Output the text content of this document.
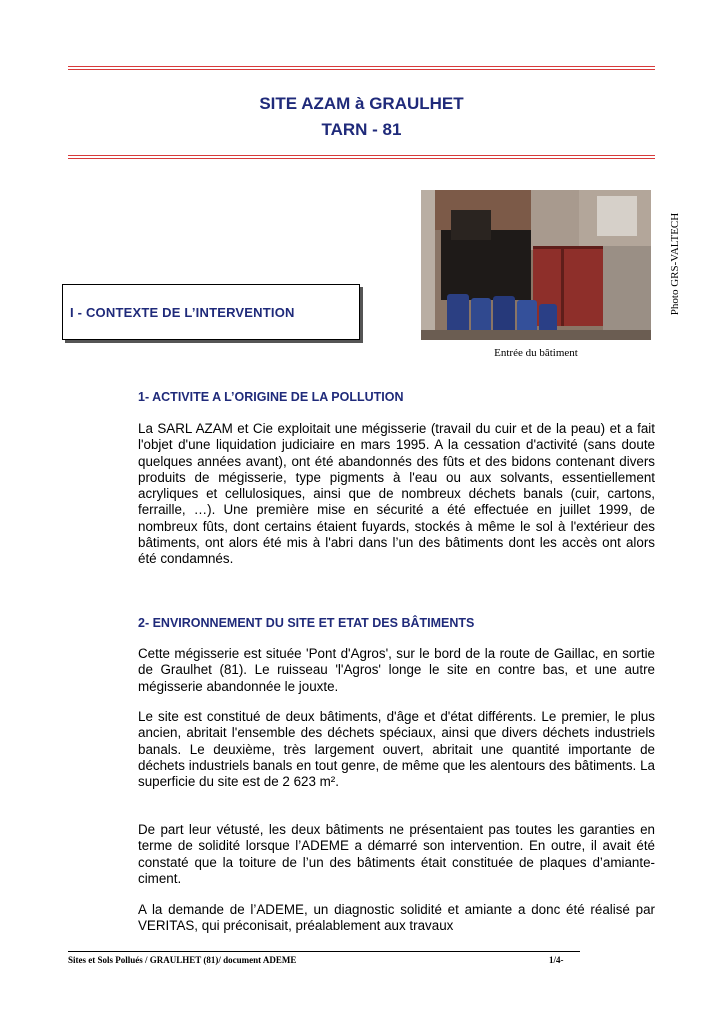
SITE AZAM à GRAULHET
TARN - 81
I - CONTEXTE DE L’INTERVENTION
Entrée du bâtiment
Photo GRS-VALTECH
1- ACTIVITE A L’ORIGINE DE LA POLLUTION

La SARL AZAM et Cie exploitait une mégisserie (travail du cuir et de la peau) et a fait l'objet d'une liquidation judiciaire en mars 1995. A la cessation d'activité (sans doute quelques années avant), ont été abandonnés des fûts et des bidons contenant divers produits de mégisserie, type pigments à l'eau ou aux solvants, essentiellement acryliques et cellulosiques, ainsi que de nombreux déchets banals (cuir, cartons, ferraille, …). Une première mise en sécurité a été effectuée en juillet 1999, de nombreux fûts, dont certains étaient fuyards, stockés à même le sol à l'extérieur des bâtiments, ont alors été mis à l'abri dans l’un des bâtiments dont les accès ont alors été condamnés.

2- ENVIRONNEMENT DU SITE ET ETAT DES BÂTIMENTS

Cette mégisserie est située 'Pont d'Agros', sur le bord de la route de Gaillac, en sortie de Graulhet (81). Le ruisseau 'l'Agros' longe le site en contre bas, et une autre mégisserie abandonnée le jouxte.

Le site est constitué de deux bâtiments, d'âge et d'état différents. Le premier, le plus ancien, abritait l'ensemble des déchets spéciaux, ainsi que divers déchets industriels banals. Le deuxième, très largement ouvert, abritait une quantité importante de déchets industriels banals en tout genre, de même que les alentours des bâtiments. La superficie du site est de 2 623 m².

De part leur vétusté, les deux bâtiments ne présentaient pas toutes les garanties en terme de solidité lorsque l’ADEME a démarré son intervention. En outre, il avait été constaté que la toiture de l’un des bâtiments était constituée de plaques d’amiante-ciment.

A la demande de l’ADEME, un diagnostic solidité et amiante a donc été réalisé par VERITAS, qui préconisait, préalablement aux travaux

Sites et Sols Pollués / GRAULHET (81)/ document ADEME	1/4-
